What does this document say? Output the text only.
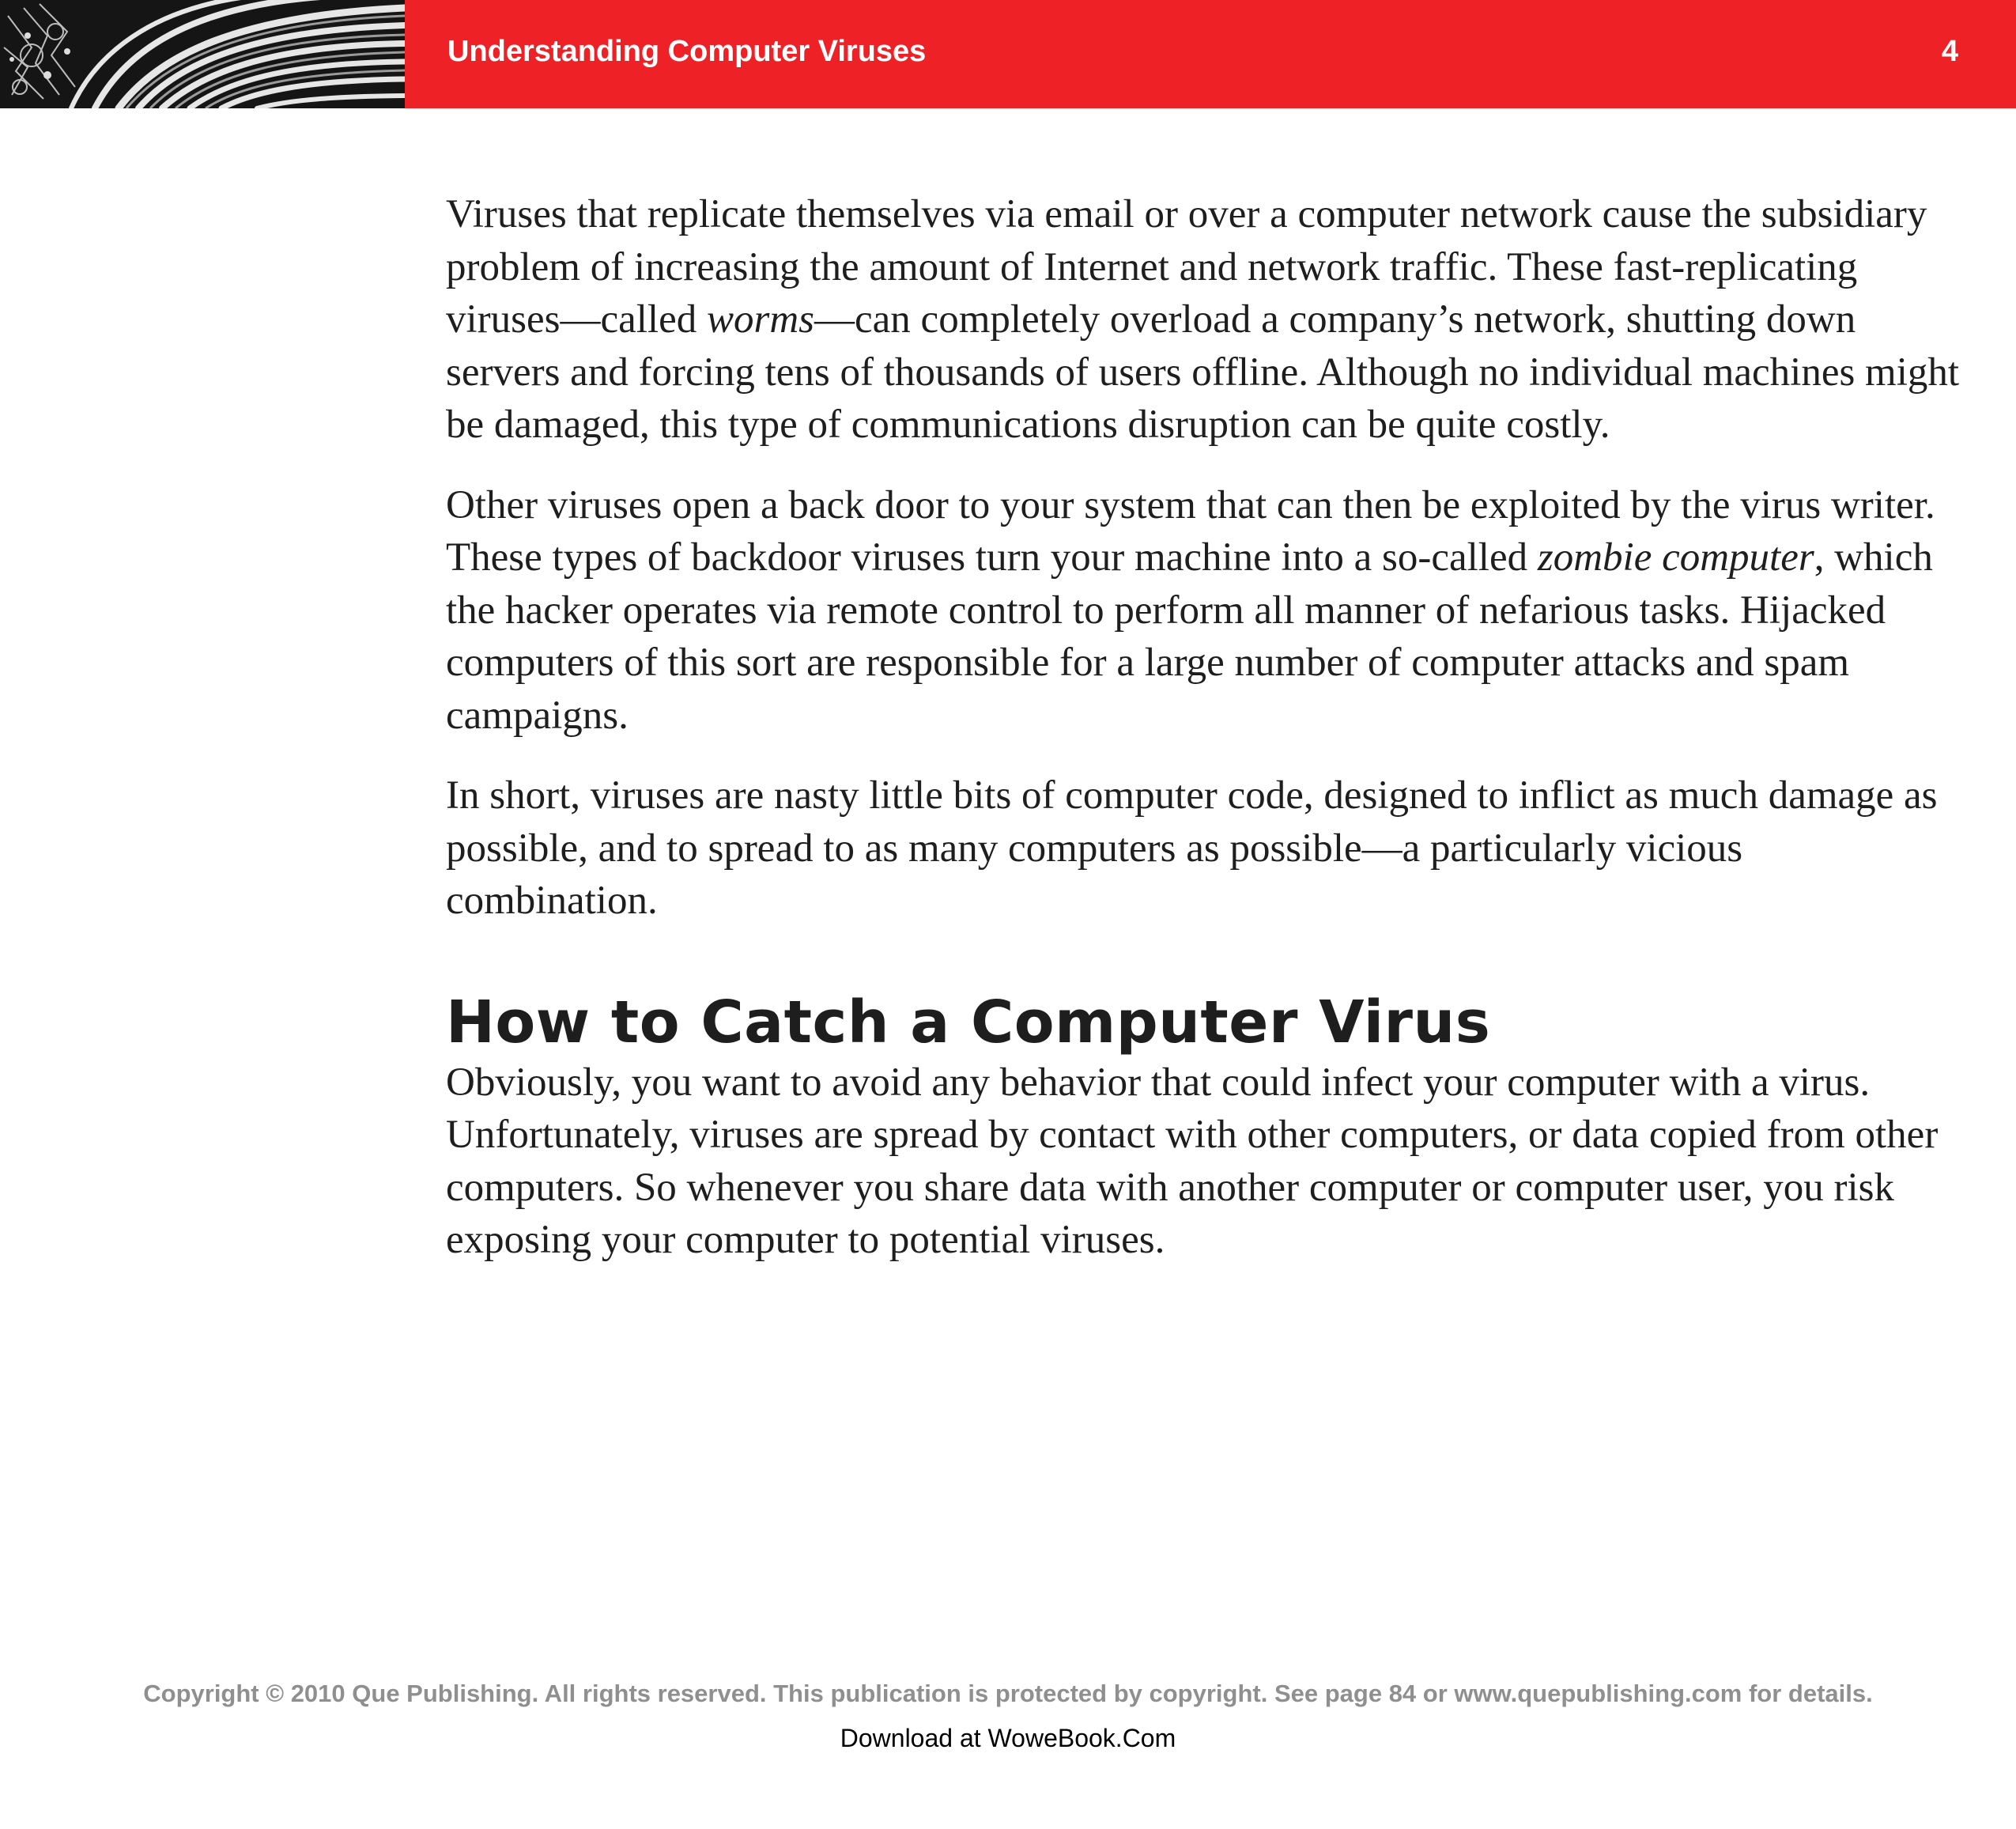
Understanding Computer Viruses	4

Viruses that replicate themselves via email or over a computer network cause the subsidiary problem of increasing the amount of Internet and network traffic. These fast-replicating viruses—called worms—can completely overload a company’s network, shutting down servers and forcing tens of thousands of users offline. Although no individual machines might be damaged, this type of communications disruption can be quite costly.

Other viruses open a back door to your system that can then be exploited by the virus writer. These types of backdoor viruses turn your machine into a so-called zombie computer, which the hacker operates via remote control to perform all manner of nefarious tasks. Hijacked computers of this sort are responsible for a large number of computer attacks and spam campaigns.

In short, viruses are nasty little bits of computer code, designed to inflict as much damage as possible, and to spread to as many computers as possible—a particularly vicious combination.

How to Catch a Computer Virus

Obviously, you want to avoid any behavior that could infect your computer with a virus. Unfortunately, viruses are spread by contact with other computers, or data copied from other computers. So whenever you share data with another computer or computer user, you risk exposing your computer to potential viruses.

Copyright © 2010 Que Publishing. All rights reserved. This publication is protected by copyright. See page 84 or www.quepublishing.com for details.
Download at WoweBook.Com
